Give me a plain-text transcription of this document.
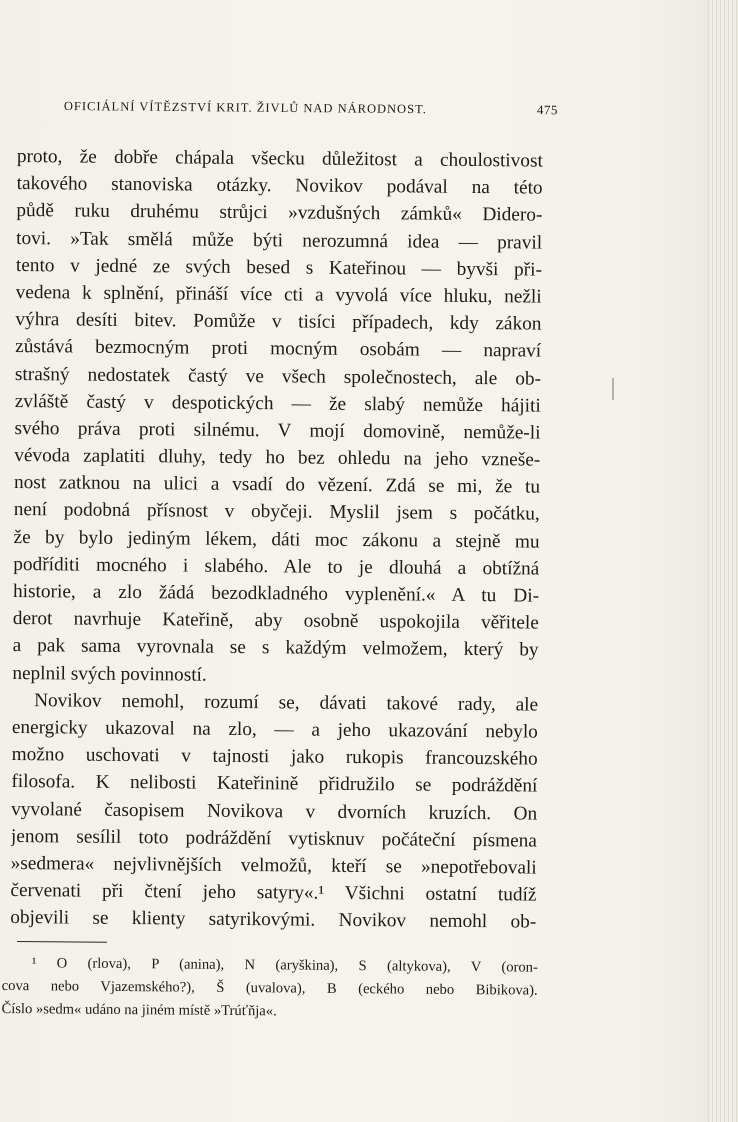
OFICIÁLNÍ VÍTĚZSTVÍ KRIT. ŽIVLŮ NAD NÁRODNOST.	475
proto, že dobře chápala všecku důležitost a choulostivost
takového stanoviska otázky. Novikov podával na této
půdě ruku druhému strůjci »vzdušných zámků« Didero-
tovi. »Tak smělá může býti nerozumná idea — pravil
tento v jedné ze svých besed s Kateřinou — byvši při-
vedena k splnění, přináší více cti a vyvolá více hluku, nežli
výhra desíti bitev. Pomůže v tisíci případech, kdy zákon
zůstává bezmocným proti mocným osobám — napraví
strašný nedostatek častý ve všech společnostech, ale ob-
zvláště častý v despotických — že slabý nemůže hájiti
svého práva proti silnému. V mojí domovině, nemůže-li
vévoda zaplatiti dluhy, tedy ho bez ohledu na jeho vzneše-
nost zatknou na ulici a vsadí do vězení. Zdá se mi, že tu
není podobná přísnost v obyčeji. Myslil jsem s počátku,
že by bylo jediným lékem, dáti moc zákonu a stejně mu
podříditi mocného i slabého. Ale to je dlouhá a obtížná
historie, a zlo žádá bezodkladného vyplenění.« A tu Di-
derot navrhuje Kateřině, aby osobně uspokojila věřitele
a pak sama vyrovnala se s každým velmožem, který by
neplnil svých povinností.
Novikov nemohl, rozumí se, dávati takové rady, ale
energicky ukazoval na zlo, — a jeho ukazování nebylo
možno uschovati v tajnosti jako rukopis francouzského
filosofa. K nelibosti Kateřinině přidružilo se podráždění
vyvolané časopisem Novikova v dvorních kruzích. On
jenom sesílil toto podráždění vytisknuv počáteční písmena
»sedmera« nejvlivnějších velmožů, kteří se »nepotřebovali
červenati při čtení jeho satyry«.¹ Všichni ostatní tudíž
objevili se klienty satyrikovými. Novikov nemohl ob-
¹ O (rlova), P (anina), N (aryškina), S (altykova), V (oron-
cova nebo Vjazemského?), Š (uvalova), B (eckého nebo Bibikova).
Číslo »sedm« udáno na jiném místě »Trúťňja«.
